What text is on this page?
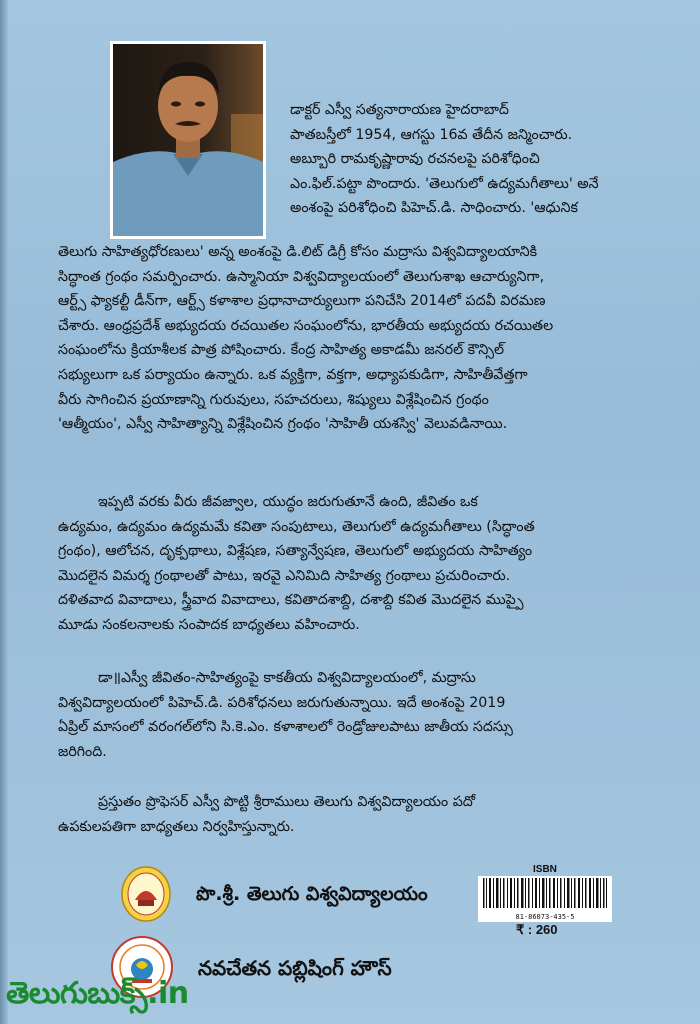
డాక్టర్ ఎస్వీ సత్యనారాయణ హైదరాబాద్
పాతబస్తీలో 1954, ఆగస్టు 16వ తేదీన జన్మించారు.
అబ్బూరి రామకృష్ణారావు రచనలపై పరిశోధించి
ఎం.ఫిల్.పట్టా పొందారు. 'తెలుగులో ఉద్యమగీతాలు' అనే
అంశంపై పరిశోధించి పిహెచ్.డి. సాధించారు. 'ఆధునిక
తెలుగు సాహిత్యధోరణులు' అన్న అంశంపై డి.లిట్ డిగ్రీ కోసం మద్రాసు విశ్వవిద్యాలయానికి
సిద్ధాంత గ్రంథం సమర్పించారు. ఉస్మానియా విశ్వవిద్యాలయంలో తెలుగుశాఖ ఆచార్యునిగా,
ఆర్ట్స్ ఫ్యాకల్టీ డీన్‌గా, ఆర్ట్స్ కళాశాల ప్రధానాచార్యులుగా పనిచేసి 2014లో పదవీ విరమణ
చేశారు. ఆంధ్రప్రదేశ్ అభ్యుదయ రచయితల సంఘంలోను, భారతీయ అభ్యుదయ రచయితల
సంఘంలోను క్రియాశీలక పాత్ర పోషించారు. కేంద్ర సాహిత్య అకాడమీ జనరల్ కౌన్సిల్
సభ్యులుగా ఒక పర్యాయం ఉన్నారు. ఒక వ్యక్తిగా, వక్తగా, అధ్యాపకుడిగా, సాహితీవేత్తగా
వీరు సాగించిన ప్రయాణాన్ని గురువులు, సహచరులు, శిష్యులు విశ్లేషించిన గ్రంథం
'ఆత్మీయం', ఎస్వీ సాహిత్యాన్ని విశ్లేషించిన గ్రంథం 'సాహితీ యశస్వి' వెలువడినాయి.
ఇప్పటి వరకు వీరు జీవజ్వాల, యుద్ధం జరుగుతూనే ఉంది, జీవితం ఒక
ఉద్యమం, ఉద్యమం ఉద్యమమే కవితా సంపుటాలు, తెలుగులో ఉద్యమగీతాలు (సిద్ధాంత
గ్రంథం), ఆలోచన, దృక్పథాలు, విశ్లేషణ, సత్యాన్వేషణ, తెలుగులో అభ్యుదయ సాహిత్యం
మొదలైన విమర్శ గ్రంథాలతో పాటు, ఇరవై ఎనిమిది సాహిత్య గ్రంథాలు ప్రచురించారు.
దళితవాద వివాదాలు, స్త్రీవాద వివాదాలు, కవితాదశాబ్ది, దశాబ్ది కవిత మొదలైన ముప్పై
మూడు సంకలనాలకు సంపాదక బాధ్యతలు వహించారు.
డా॥ఎస్వీ జీవితం-సాహిత్యంపై కాకతీయ విశ్వవిద్యాలయంలో, మద్రాసు
విశ్వవిద్యాలయంలో పిహెచ్.డి. పరిశోధనలు జరుగుతున్నాయి. ఇదే అంశంపై 2019
ఏప్రిల్ మాసంలో వరంగల్‌లోని సి.కె.ఎం. కళాశాలలో రెండ్రోజులపాటు జాతీయ సదస్సు
జరిగింది.
ప్రస్తుతం ప్రొఫెసర్ ఎస్వీ పొట్టి శ్రీరాములు తెలుగు విశ్వవిద్యాలయం పదో
ఉపకులపతిగా బాధ్యతలు నిర్వహిస్తున్నారు.
పొ.శ్రీ. తెలుగు విశ్వవిద్యాలయం
ISBN
81-86073-435-5
₹ : 260
నవచేతన పబ్లిషింగ్ హౌస్
తెలుగుబుక్స్.in
